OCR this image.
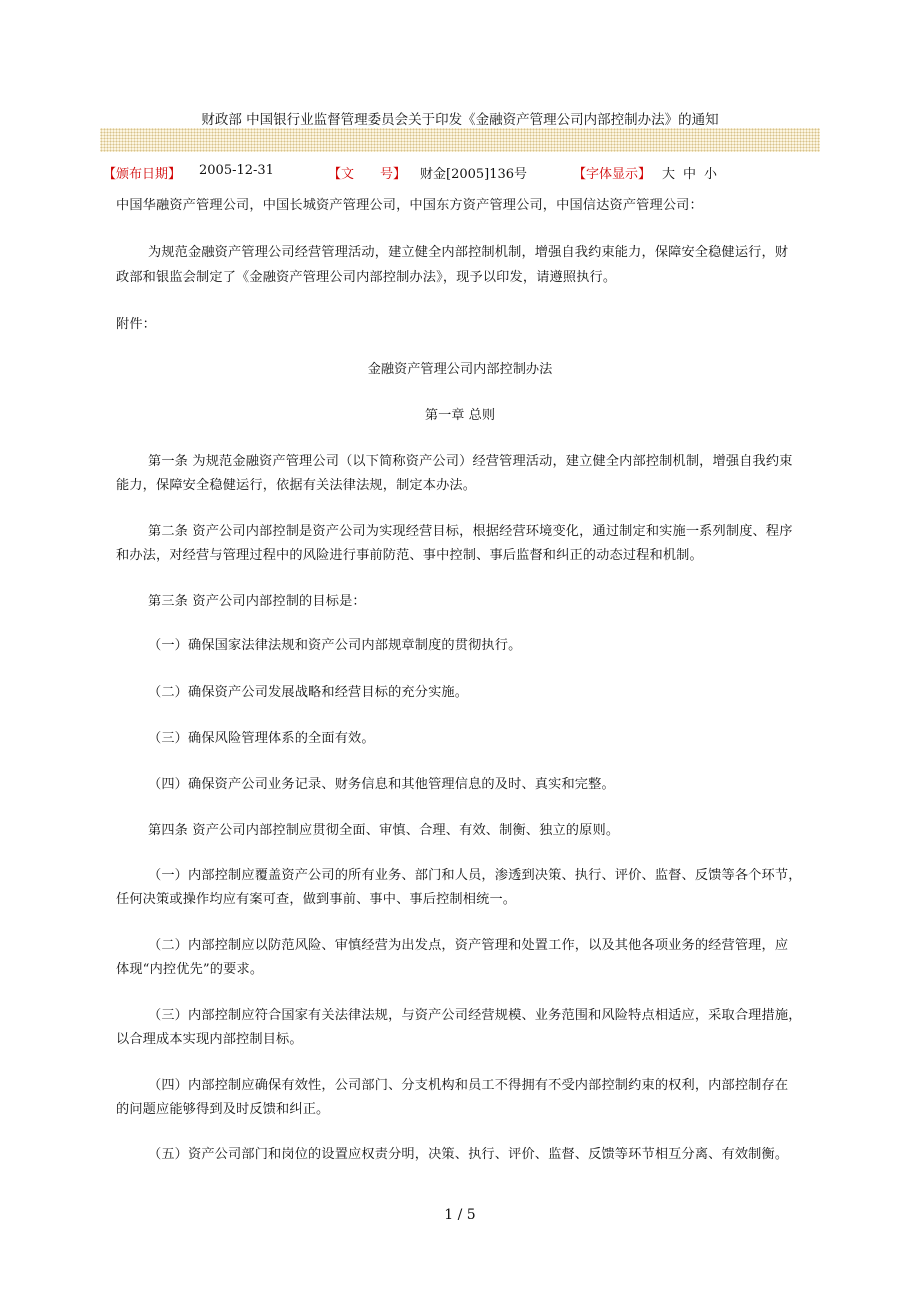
财政部 中国银行业监督管理委员会关于印发《金融资产管理公司内部控制办法》的通知
【颁布日期】 2005-12-31	【文　　号】 财金[2005]136号	【字体显示】 大 中 小
中国华融资产管理公司，中国长城资产管理公司，中国东方资产管理公司，中国信达资产管理公司：
为规范金融资产管理公司经营管理活动，建立健全内部控制机制，增强自我约束能力，保障安全稳健运行，财
政部和银监会制定了《金融资产管理公司内部控制办法》，现予以印发，请遵照执行。
附件：
金融资产管理公司内部控制办法
第一章 总则
第一条 为规范金融资产管理公司（以下简称资产公司）经营管理活动，建立健全内部控制机制，增强自我约束
能力，保障安全稳健运行，依据有关法律法规，制定本办法。
第二条 资产公司内部控制是资产公司为实现经营目标，根据经营环境变化，通过制定和实施一系列制度、程序
和办法，对经营与管理过程中的风险进行事前防范、事中控制、事后监督和纠正的动态过程和机制。
第三条 资产公司内部控制的目标是：
（一）确保国家法律法规和资产公司内部规章制度的贯彻执行。
（二）确保资产公司发展战略和经营目标的充分实施。
（三）确保风险管理体系的全面有效。
（四）确保资产公司业务记录、财务信息和其他管理信息的及时、真实和完整。
第四条 资产公司内部控制应贯彻全面、审慎、合理、有效、制衡、独立的原则。
（一）内部控制应覆盖资产公司的所有业务、部门和人员，渗透到决策、执行、评价、监督、反馈等各个环节，
任何决策或操作均应有案可查，做到事前、事中、事后控制相统一。
（二）内部控制应以防范风险、审慎经营为出发点，资产管理和处置工作，以及其他各项业务的经营管理，应
体现“内控优先”的要求。
（三）内部控制应符合国家有关法律法规，与资产公司经营规模、业务范围和风险特点相适应，采取合理措施，
以合理成本实现内部控制目标。
（四）内部控制应确保有效性，公司部门、分支机构和员工不得拥有不受内部控制约束的权利，内部控制存在
的问题应能够得到及时反馈和纠正。
（五）资产公司部门和岗位的设置应权责分明，决策、执行、评价、监督、反馈等环节相互分离、有效制衡。
1 / 5
